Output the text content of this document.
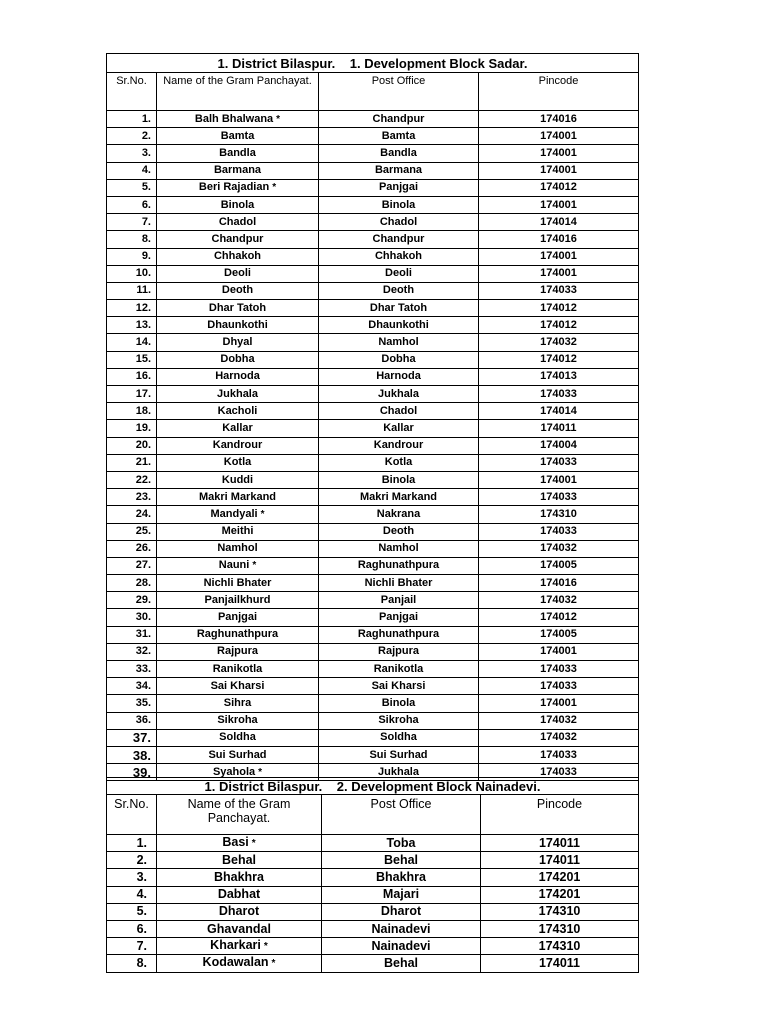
1. District Bilaspur.    1. Development Block Sadar.			
Sr.No.	Name of the Gram Panchayat.	Post Office	Pincode
1.	Balh Bhalwana *	Chandpur	174016
2.	Bamta	Bamta	174001
3.	Bandla	Bandla	174001
4.	Barmana	Barmana	174001
5.	Beri Rajadian *	Panjgai	174012
6.	Binola	Binola	174001
7.	Chadol	Chadol	174014
8.	Chandpur	Chandpur	174016
9.	Chhakoh	Chhakoh	174001
10.	Deoli	Deoli	174001
11.	Deoth	Deoth	174033
12.	Dhar Tatoh	Dhar Tatoh	174012
13.	Dhaunkothi	Dhaunkothi	174012
14.	Dhyal	Namhol	174032
15.	Dobha	Dobha	174012
16.	Harnoda	Harnoda	174013
17.	Jukhala	Jukhala	174033
18.	Kacholi	Chadol	174014
19.	Kallar	Kallar	174011
20.	Kandrour	Kandrour	174004
21.	Kotla	Kotla	174033
22.	Kuddi	Binola	174001
23.	Makri Markand	Makri Markand	174033
24.	Mandyali *	Nakrana	174310
25.	Meithi	Deoth	174033
26.	Namhol	Namhol	174032
27.	Nauni *	Raghunathpura	174005
28.	Nichli Bhater	Nichli Bhater	174016
29.	Panjailkhurd	Panjail	174032
30.	Panjgai	Panjgai	174012
31.	Raghunathpura	Raghunathpura	174005
32.	Rajpura	Rajpura	174001
33.	Ranikotla	Ranikotla	174033
34.	Sai Kharsi	Sai Kharsi	174033
35.	Sihra	Binola	174001
36.	Sikroha	Sikroha	174032
37.	Soldha	Soldha	174032
38.	Sui Surhad	Sui Surhad	174033
39.	Syahola *	Jukhala	174033
1. District Bilaspur.    2. Development Block Nainadevi.			
Sr.No.	Name of the Gram Panchayat.	Post Office	Pincode
1.	Basi *	Toba	174011
2.	Behal	Behal	174011
3.	Bhakhra	Bhakhra	174201
4.	Dabhat	Majari	174201
5.	Dharot	Dharot	174310
6.	Ghavandal	Nainadevi	174310
7.	Kharkari *	Nainadevi	174310
8.	Kodawalan *	Behal	174011
